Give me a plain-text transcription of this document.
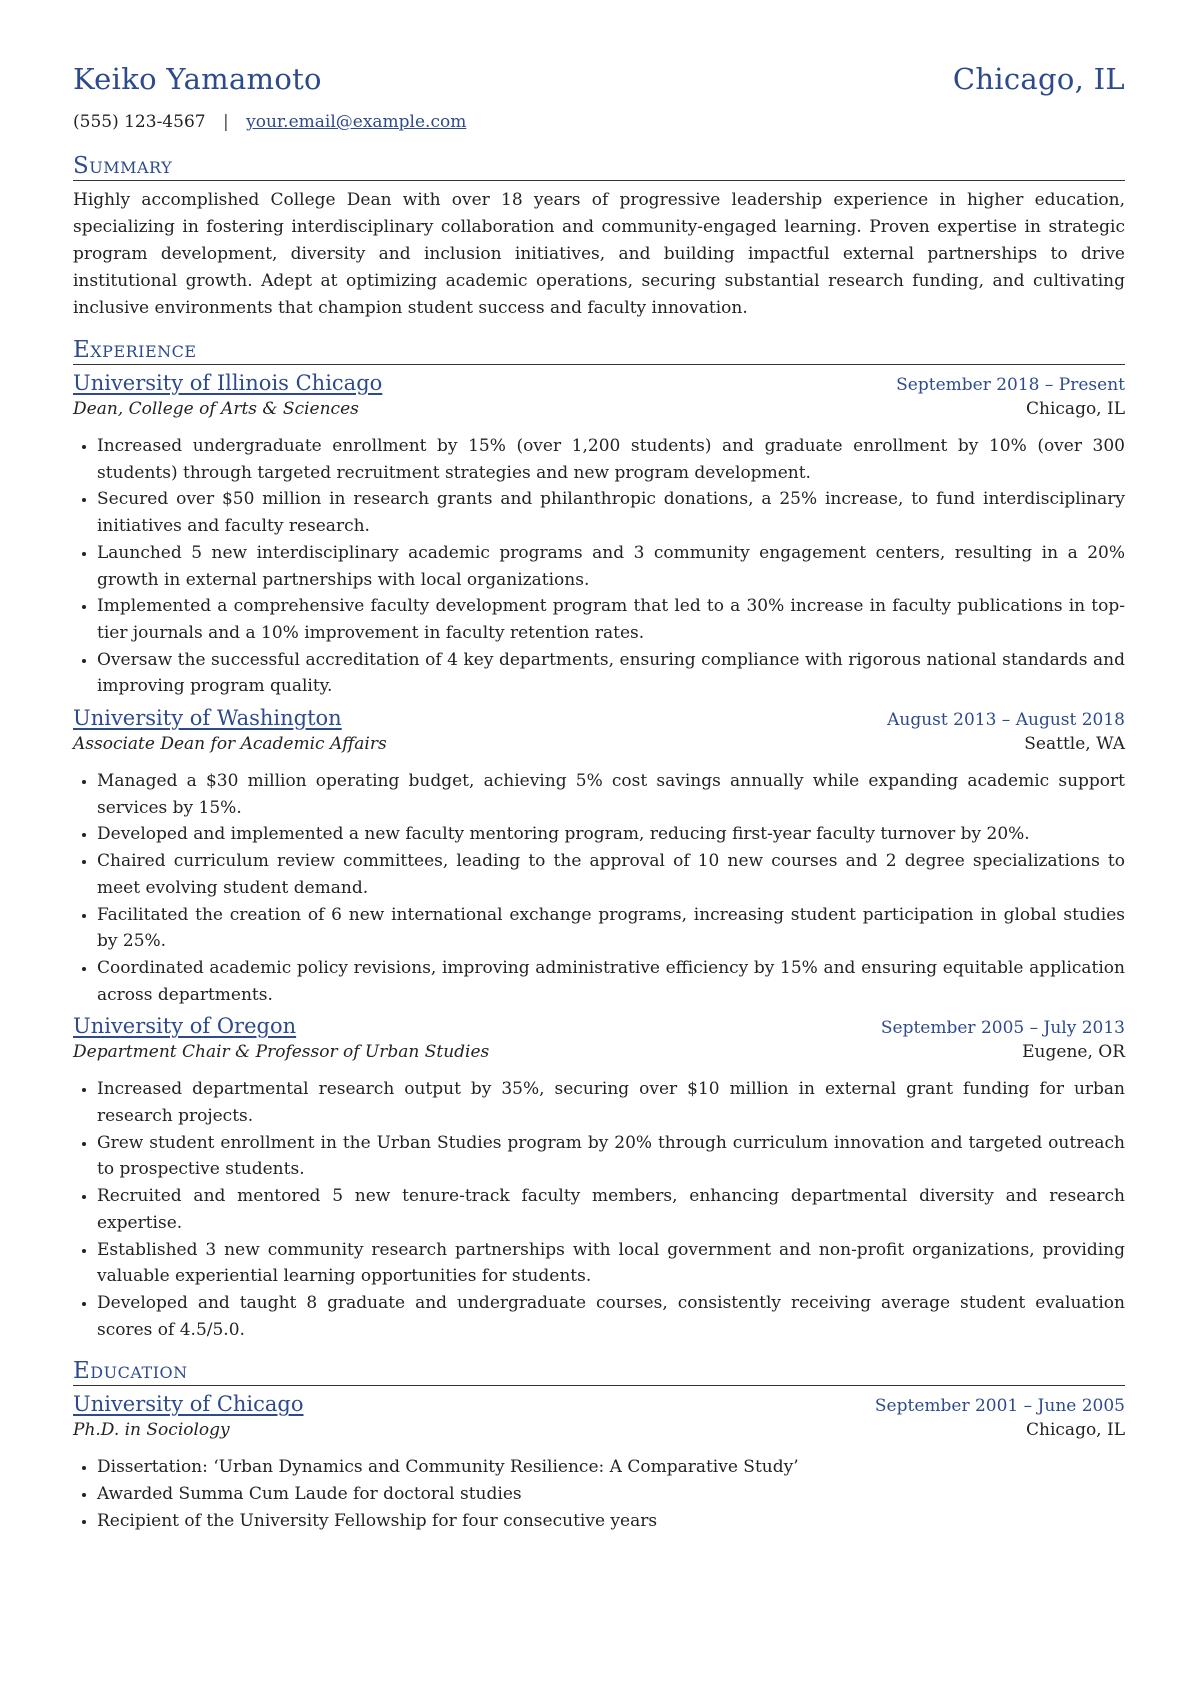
Keiko Yamamoto	Chicago, IL
(555) 123-4567 | your.email@example.com
Summary
Highly accomplished College Dean with over 18 years of progressive leadership experience in higher education, specializing in fostering interdisciplinary collaboration and community-engaged learning. Proven expertise in strategic program development, diversity and inclusion initiatives, and building impactful external partnerships to drive institutional growth. Adept at optimizing academic operations, securing substantial research funding, and cultivating inclusive environments that champion student success and faculty innovation.
Experience
University of Illinois Chicago	September 2018 – Present
Dean, College of Arts & Sciences	Chicago, IL
• Increased undergraduate enrollment by 15% (over 1,200 students) and graduate enrollment by 10% (over 300 students) through targeted recruitment strategies and new program development.
• Secured over $50 million in research grants and philanthropic donations, a 25% increase, to fund interdisciplinary initiatives and faculty research.
• Launched 5 new interdisciplinary academic programs and 3 community engagement centers, resulting in a 20% growth in external partnerships with local organizations.
• Implemented a comprehensive faculty development program that led to a 30% increase in faculty publications in top-tier journals and a 10% improvement in faculty retention rates.
• Oversaw the successful accreditation of 4 key departments, ensuring compliance with rigorous national standards and improving program quality.
University of Washington	August 2013 – August 2018
Associate Dean for Academic Affairs	Seattle, WA
• Managed a $30 million operating budget, achieving 5% cost savings annually while expanding academic support services by 15%.
• Developed and implemented a new faculty mentoring program, reducing first-year faculty turnover by 20%.
• Chaired curriculum review committees, leading to the approval of 10 new courses and 2 degree specializations to meet evolving student demand.
• Facilitated the creation of 6 new international exchange programs, increasing student participation in global studies by 25%.
• Coordinated academic policy revisions, improving administrative efficiency by 15% and ensuring equitable application across departments.
University of Oregon	September 2005 – July 2013
Department Chair & Professor of Urban Studies	Eugene, OR
• Increased departmental research output by 35%, securing over $10 million in external grant funding for urban research projects.
• Grew student enrollment in the Urban Studies program by 20% through curriculum innovation and targeted outreach to prospective students.
• Recruited and mentored 5 new tenure-track faculty members, enhancing departmental diversity and research expertise.
• Established 3 new community research partnerships with local government and non-profit organizations, providing valuable experiential learning opportunities for students.
• Developed and taught 8 graduate and undergraduate courses, consistently receiving average student evaluation scores of 4.5/5.0.
Education
University of Chicago	September 2001 – June 2005
Ph.D. in Sociology	Chicago, IL
• Dissertation: ‘Urban Dynamics and Community Resilience: A Comparative Study’
• Awarded Summa Cum Laude for doctoral studies
• Recipient of the University Fellowship for four consecutive years
